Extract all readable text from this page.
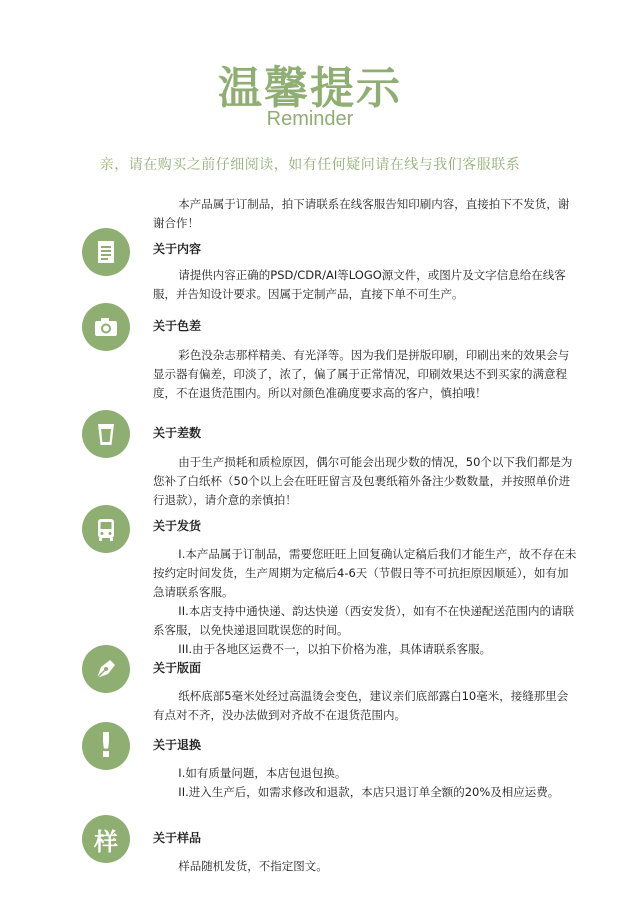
温馨提示
Reminder
亲，请在购买之前仔细阅读，如有任何疑问请在线与我们客服联系

本产品属于订制品，拍下请联系在线客服告知印刷内容，直接拍下不发货，谢谢合作！

关于内容

请提供内容正确的PSD/CDR/AI等LOGO源文件，或图片及文字信息给在线客服，并告知设计要求。因属于定制产品，直接下单不可生产。

关于色差

彩色没杂志那样精美、有光泽等。因为我们是拼版印刷，印刷出来的效果会与显示器有偏差，印淡了，浓了，偏了属于正常情况，印刷效果达不到买家的满意程度，不在退货范围内。所以对颜色准确度要求高的客户，慎拍哦！

关于差数

由于生产损耗和质检原因，偶尔可能会出现少数的情况，50个以下我们都是为您补了白纸杯（50个以上会在旺旺留言及包裹纸箱外备注少数数量，并按照单价进行退款），请介意的亲慎拍！

关于发货

I.本产品属于订制品，需要您旺旺上回复确认定稿后我们才能生产，故不存在未按约定时间发货，生产周期为定稿后4-6天（节假日等不可抗拒原因顺延），如有加急请联系客服。

II.本店支持中通快递、韵达快递（西安发货），如有不在快递配送范围内的请联系客服，以免快递退回耽误您的时间。

III.由于各地区运费不一，以拍下价格为准，具体请联系客服。

关于版面

纸杯底部5毫米处经过高温烫会变色，建议亲们底部露白10毫米，接缝那里会有点对不齐，没办法做到对齐故不在退货范围内。

!	关于退换

I.如有质量问题，本店包退包换。

II.进入生产后，如需求修改和退款，本店只退订单全额的20%及相应运费。

样	关于样品

样品随机发货，不指定图文。
